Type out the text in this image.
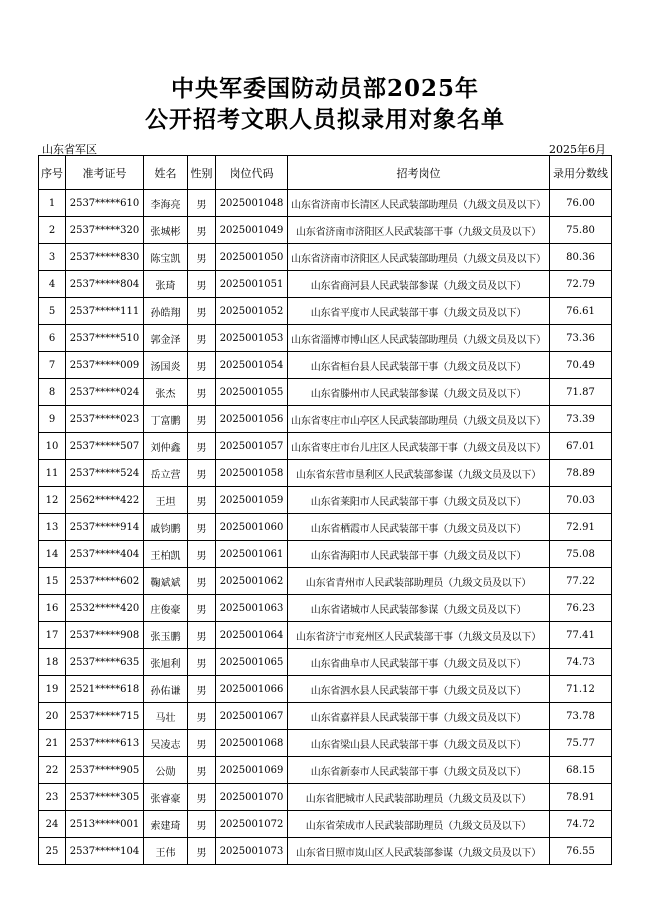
中央军委国防动员部2025年
公开招考文职人员拟录用对象名单
山东省军区	2025年6月
序号	准考证号	姓名	性别	岗位代码	招考岗位	录用分数线
1	2537*****610	李海亮	男	2025001048	山东省济南市长清区人民武装部助理员（九级文员及以下）	76.00
2	2537*****320	张城彬	男	2025001049	山东省济南市济阳区人民武装部干事（九级文员及以下）	75.80
3	2537*****830	陈宝凯	男	2025001050	山东省济南市济阳区人民武装部助理员（九级文员及以下）	80.36
4	2537*****804	张琦	男	2025001051	山东省商河县人民武装部参谋（九级文员及以下）	72.79
5	2537*****111	孙皓翔	男	2025001052	山东省平度市人民武装部干事（九级文员及以下）	76.61
6	2537*****510	郭金泽	男	2025001053	山东省淄博市博山区人民武装部助理员（九级文员及以下）	73.36
7	2537*****009	汤国炎	男	2025001054	山东省桓台县人民武装部干事（九级文员及以下）	70.49
8	2537*****024	张杰	男	2025001055	山东省滕州市人民武装部参谋（九级文员及以下）	71.87
9	2537*****023	丁富鹏	男	2025001056	山东省枣庄市山亭区人民武装部助理员（九级文员及以下）	73.39
10	2537*****507	刘仲鑫	男	2025001057	山东省枣庄市台儿庄区人民武装部干事（九级文员及以下）	67.01
11	2537*****524	岳立营	男	2025001058	山东省东营市垦利区人民武装部参谋（九级文员及以下）	78.89
12	2562*****422	王坦	男	2025001059	山东省莱阳市人民武装部干事（九级文员及以下）	70.03
13	2537*****914	戚钧鹏	男	2025001060	山东省栖霞市人民武装部干事（九级文员及以下）	72.91
14	2537*****404	王柏凯	男	2025001061	山东省海阳市人民武装部干事（九级文员及以下）	75.08
15	2537*****602	鞠斌斌	男	2025001062	山东省青州市人民武装部助理员（九级文员及以下）	77.22
16	2532*****420	庄俊豪	男	2025001063	山东省诸城市人民武装部参谋（九级文员及以下）	76.23
17	2537*****908	张玉鹏	男	2025001064	山东省济宁市兖州区人民武装部干事（九级文员及以下）	77.41
18	2537*****635	张旭利	男	2025001065	山东省曲阜市人民武装部干事（九级文员及以下）	74.73
19	2521*****618	孙佑谦	男	2025001066	山东省泗水县人民武装部干事（九级文员及以下）	71.12
20	2537*****715	马壮	男	2025001067	山东省嘉祥县人民武装部干事（九级文员及以下）	73.78
21	2537*****613	吴凌志	男	2025001068	山东省梁山县人民武装部干事（九级文员及以下）	75.77
22	2537*****905	公勋	男	2025001069	山东省新泰市人民武装部干事（九级文员及以下）	68.15
23	2537*****305	张睿豪	男	2025001070	山东省肥城市人民武装部助理员（九级文员及以下）	78.91
24	2513*****001	索建琦	男	2025001072	山东省荣成市人民武装部助理员（九级文员及以下）	74.72
25	2537*****104	王伟	男	2025001073	山东省日照市岚山区人民武装部参谋（九级文员及以下）	76.55
